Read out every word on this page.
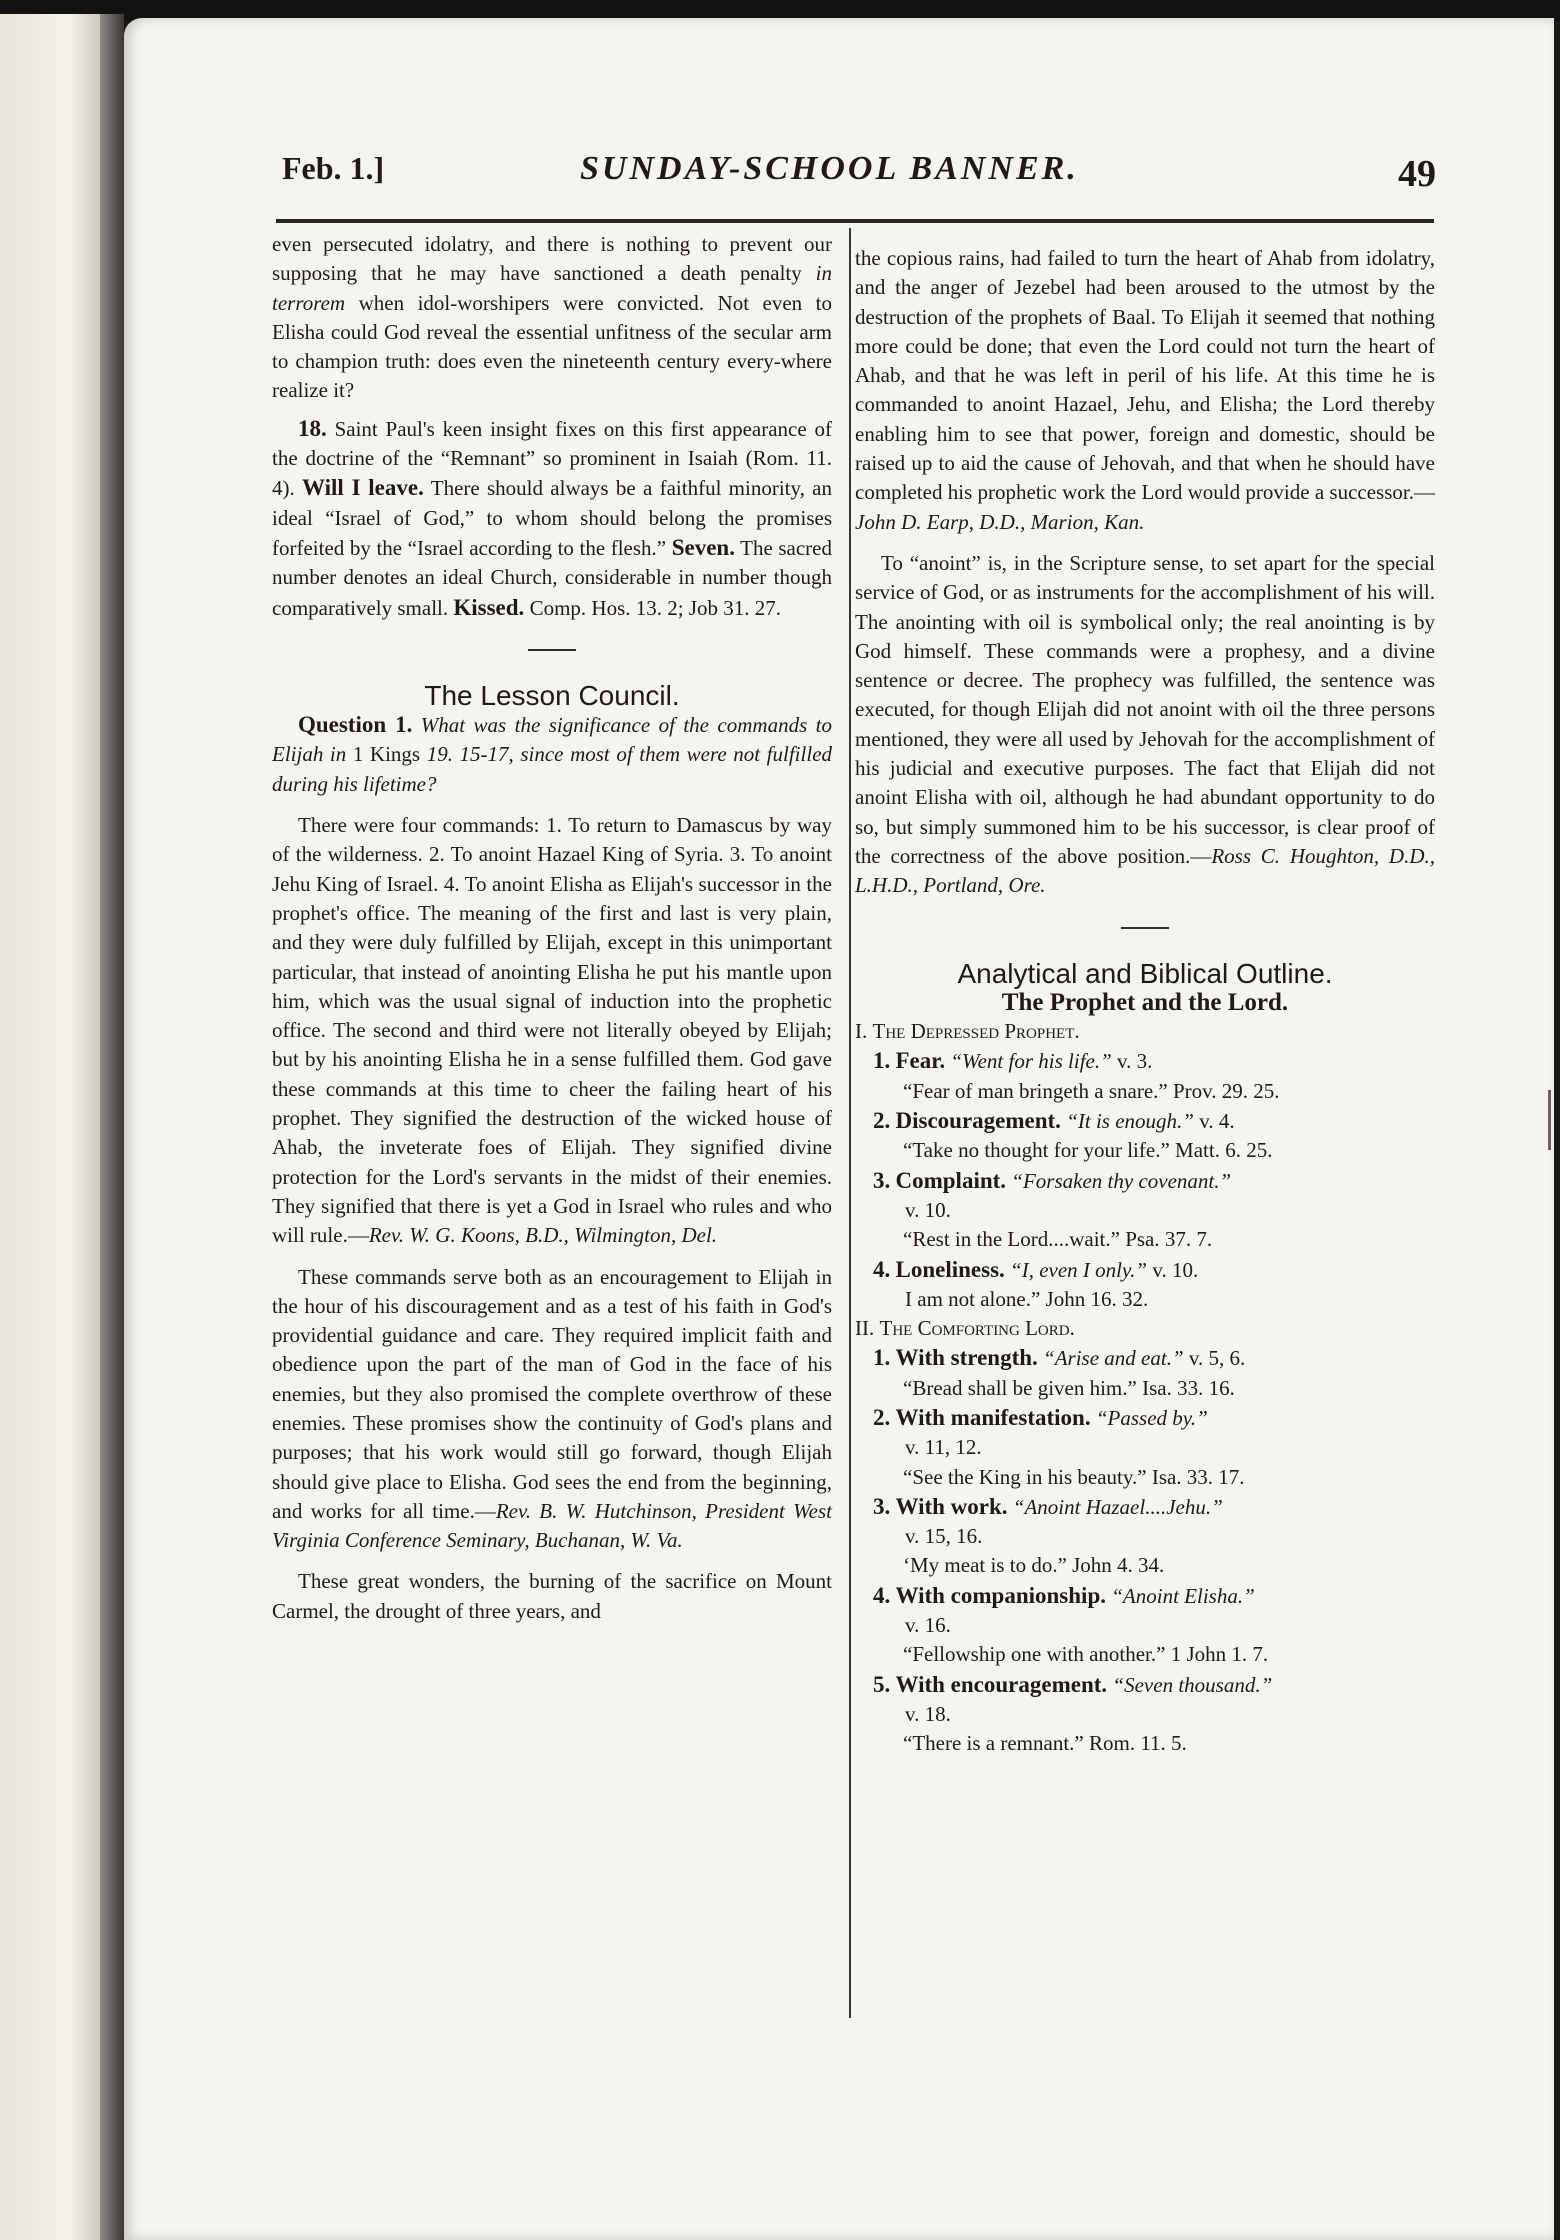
Feb. 1.]	SUNDAY-SCHOOL BANNER.	49

even persecuted idolatry, and there is nothing to prevent our supposing that he may have sanctioned a death penalty in terrorem when idol-worshipers were convicted. Not even to Elisha could God reveal the essential unfitness of the secular arm to champion truth: does even the nineteenth century every-where realize it?

18. Saint Paul's keen insight fixes on this first appearance of the doctrine of the “Remnant” so prominent in Isaiah (Rom. 11. 4). Will I leave. There should always be a faithful minority, an ideal “Israel of God,” to whom should belong the promises forfeited by the “Israel according to the flesh.” Seven. The sacred number denotes an ideal Church, considerable in number though comparatively small. Kissed. Comp. Hos. 13. 2; Job 31. 27.

The Lesson Council.

Question 1. What was the significance of the commands to Elijah in 1 Kings 19. 15-17, since most of them were not fulfilled during his lifetime?

There were four commands: 1. To return to Damascus by way of the wilderness. 2. To anoint Hazael King of Syria. 3. To anoint Jehu King of Israel. 4. To anoint Elisha as Elijah's successor in the prophet's office. The meaning of the first and last is very plain, and they were duly fulfilled by Elijah, except in this unimportant particular, that instead of anointing Elisha he put his mantle upon him, which was the usual signal of induction into the prophetic office. The second and third were not literally obeyed by Elijah; but by his anointing Elisha he in a sense fulfilled them. God gave these commands at this time to cheer the failing heart of his prophet. They signified the destruction of the wicked house of Ahab, the inveterate foes of Elijah. They signified divine protection for the Lord's servants in the midst of their enemies. They signified that there is yet a God in Israel who rules and who will rule.—Rev. W. G. Koons, B.D., Wilmington, Del.

These commands serve both as an encouragement to Elijah in the hour of his discouragement and as a test of his faith in God's providential guidance and care. They required implicit faith and obedience upon the part of the man of God in the face of his enemies, but they also promised the complete overthrow of these enemies. These promises show the continuity of God's plans and purposes; that his work would still go forward, though Elijah should give place to Elisha. God sees the end from the beginning, and works for all time.—Rev. B. W. Hutchinson, President West Virginia Conference Seminary, Buchanan, W. Va.

These great wonders, the burning of the sacrifice on Mount Carmel, the drought of three years, and

the copious rains, had failed to turn the heart of Ahab from idolatry, and the anger of Jezebel had been aroused to the utmost by the destruction of the prophets of Baal. To Elijah it seemed that nothing more could be done; that even the Lord could not turn the heart of Ahab, and that he was left in peril of his life. At this time he is commanded to anoint Hazael, Jehu, and Elisha; the Lord thereby enabling him to see that power, foreign and domestic, should be raised up to aid the cause of Jehovah, and that when he should have completed his prophetic work the Lord would provide a successor.—John D. Earp, D.D., Marion, Kan.

To “anoint” is, in the Scripture sense, to set apart for the special service of God, or as instruments for the accomplishment of his will. The anointing with oil is symbolical only; the real anointing is by God himself. These commands were a prophesy, and a divine sentence or decree. The prophecy was fulfilled, the sentence was executed, for though Elijah did not anoint with oil the three persons mentioned, they were all used by Jehovah for the accomplishment of his judicial and executive purposes. The fact that Elijah did not anoint Elisha with oil, although he had abundant opportunity to do so, but simply summoned him to be his successor, is clear proof of the correctness of the above position.—Ross C. Houghton, D.D., L.H.D., Portland, Ore.

Analytical and Biblical Outline.

The Prophet and the Lord.

I. The Depressed Prophet.
1. Fear. “Went for his life.” v. 3.
“Fear of man bringeth a snare.” Prov. 29. 25.
2. Discouragement. “It is enough.” v. 4.
“Take no thought for your life.” Matt. 6. 25.
3. Complaint. “Forsaken thy covenant.”
v. 10.
“Rest in the Lord....wait.” Psa. 37. 7.
4. Loneliness. “I, even I only.” v. 10.
I am not alone.” John 16. 32.
II. The Comforting Lord.
1. With strength. “Arise and eat.” v. 5, 6.
“Bread shall be given him.” Isa. 33. 16.
2. With manifestation. “Passed by.”
v. 11, 12.
“See the King in his beauty.” Isa. 33. 17.
3. With work. “Anoint Hazael....Jehu.”
v. 15, 16.
‘My meat is to do.” John 4. 34.
4. With companionship. “Anoint Elisha.”
v. 16.
“Fellowship one with another.” 1 John 1. 7.
5. With encouragement. “Seven thousand.”
v. 18.
“There is a remnant.” Rom. 11. 5.
